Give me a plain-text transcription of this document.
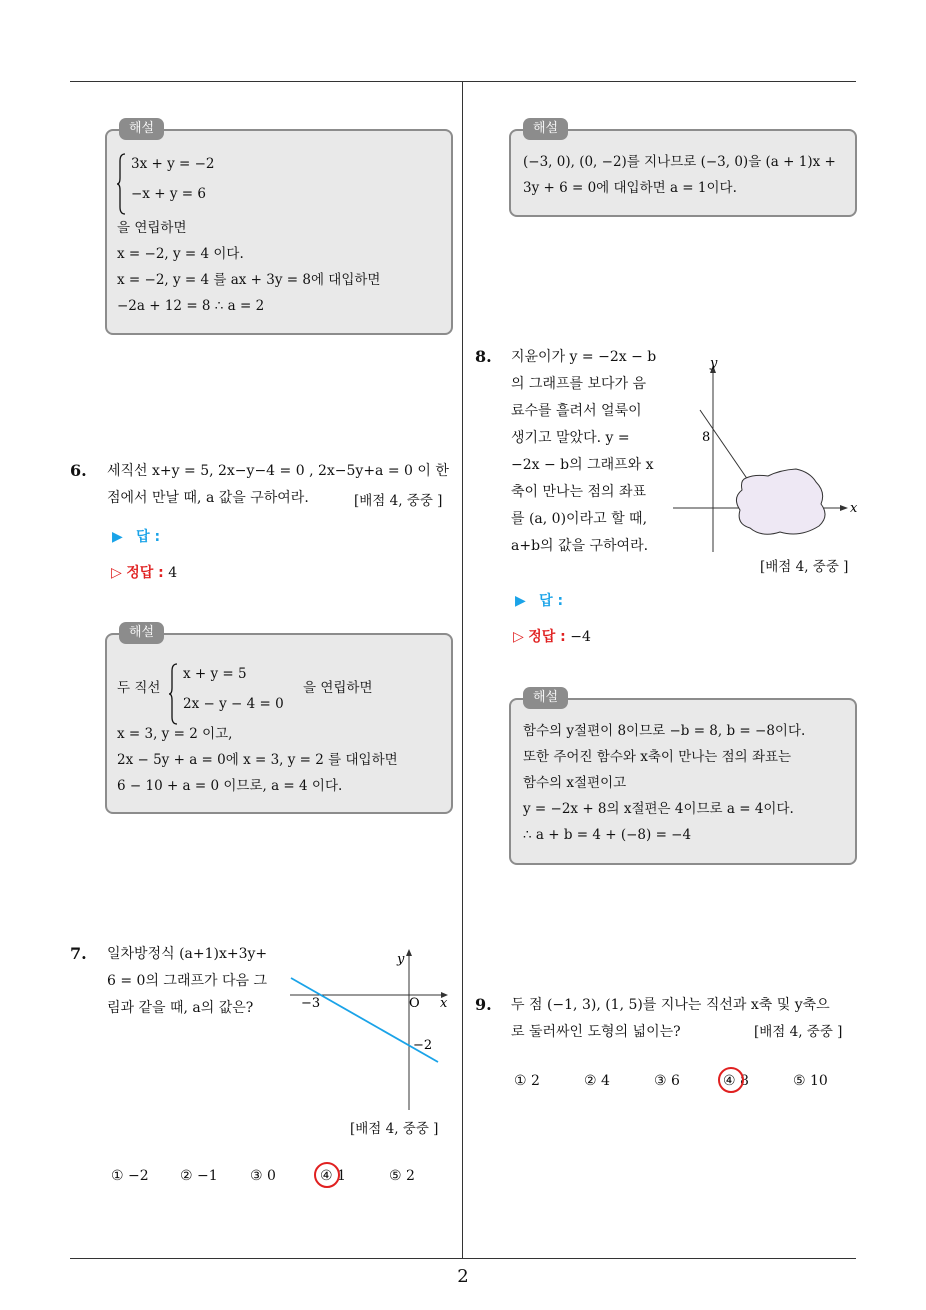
해설
3x + y = −2
−x + y = 6
을 연립하면
x = −2, y = 4 이다.
x = −2, y = 4 를 ax + 3y = 8에 대입하면
−2a + 12 = 8 ∴ a = 2
6. 세직선 x+y = 5, 2x−y−4 = 0 , 2x−5y+a = 0 이 한
점에서 만날 때, a 값을 구하여라.	[배점 4, 중중 ]
▶ 답 :
▷ 정답 : 4
해설
두 직선
x + y = 5
2x − y − 4 = 0
을 연립하면
x = 3, y = 2 이고,
2x − 5y + a = 0에 x = 3, y = 2 를 대입하면
6 − 10 + a = 0 이므로, a = 4 이다.
7. 일차방정식 (a+1)x+3y+
6 = 0의 그래프가 다음 그
림과 같을 때, a의 값은?
y
x
O
−3
−2
[배점 4, 중중 ]
① −2 ② −1 ③ 0	④ 1	⑤ 2
해설
(−3, 0), (0, −2)를 지나므로 (−3, 0)을 (a + 1)x +
3y + 6 = 0에 대입하면 a = 1이다.
8. 지윤이가 y = −2x − b
의 그래프를 보다가 음
료수를 흘려서 얼룩이
생기고 말았다. y =
−2x − b의 그래프와 x
축이 만나는 점의 좌표
를 (a, 0)이라고 할 때,
a+b의 값을 구하여라.
y
x
8
[배점 4, 중중 ]
▶ 답 :
▷ 정답 : −4
해설
함수의 y절편이 8이므로 −b = 8, b = −8이다.
또한 주어진 함수와 x축이 만나는 점의 좌표는
함수의 x절편이고
y = −2x + 8의 x절편은 4이므로 a = 4이다.
∴ a + b = 4 + (−8) = −4
9. 두 점 (−1, 3), (1, 5)를 지나는 직선과 x축 및 y축으
로 둘러싸인 도형의 넓이는?	[배점 4, 중중 ]
① 2	② 4	③ 6	④ 8	⑤ 10
2
